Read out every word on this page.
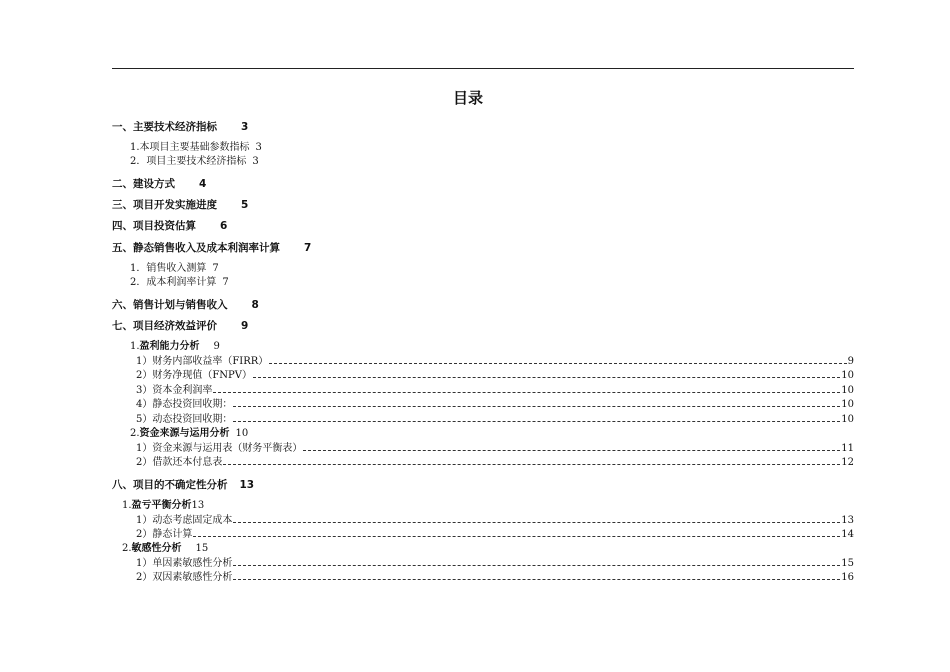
目录
一、主要技术经济指标 3
1.本项目主要基础参数指标 3
2．项目主要技术经济指标 3
二、建设方式 4
三、项目开发实施进度 5
四、项目投资估算 6
五、静态销售收入及成本利润率计算 7
1．销售收入测算 7
2．成本利润率计算 7
六、销售计划与销售收入 8
七、项目经济效益评价 9
1.盈利能力分析 9
1）财务内部收益率（FIRR）	9
2）财务净现值（FNPV）	10
3）资本金利润率	10
4）静态投资回收期：	10
5）动态投资回收期：	10
2.资金来源与运用分析 10
1）资金来源与运用表（财务平衡表）	11
2）借款还本付息表	12
八、项目的不确定性分析 13
1.盈亏平衡分析13
1）动态考虑固定成本	13
2）静态计算	14
2.敏感性分析 15
1）单因素敏感性分析	15
2）双因素敏感性分析	16
